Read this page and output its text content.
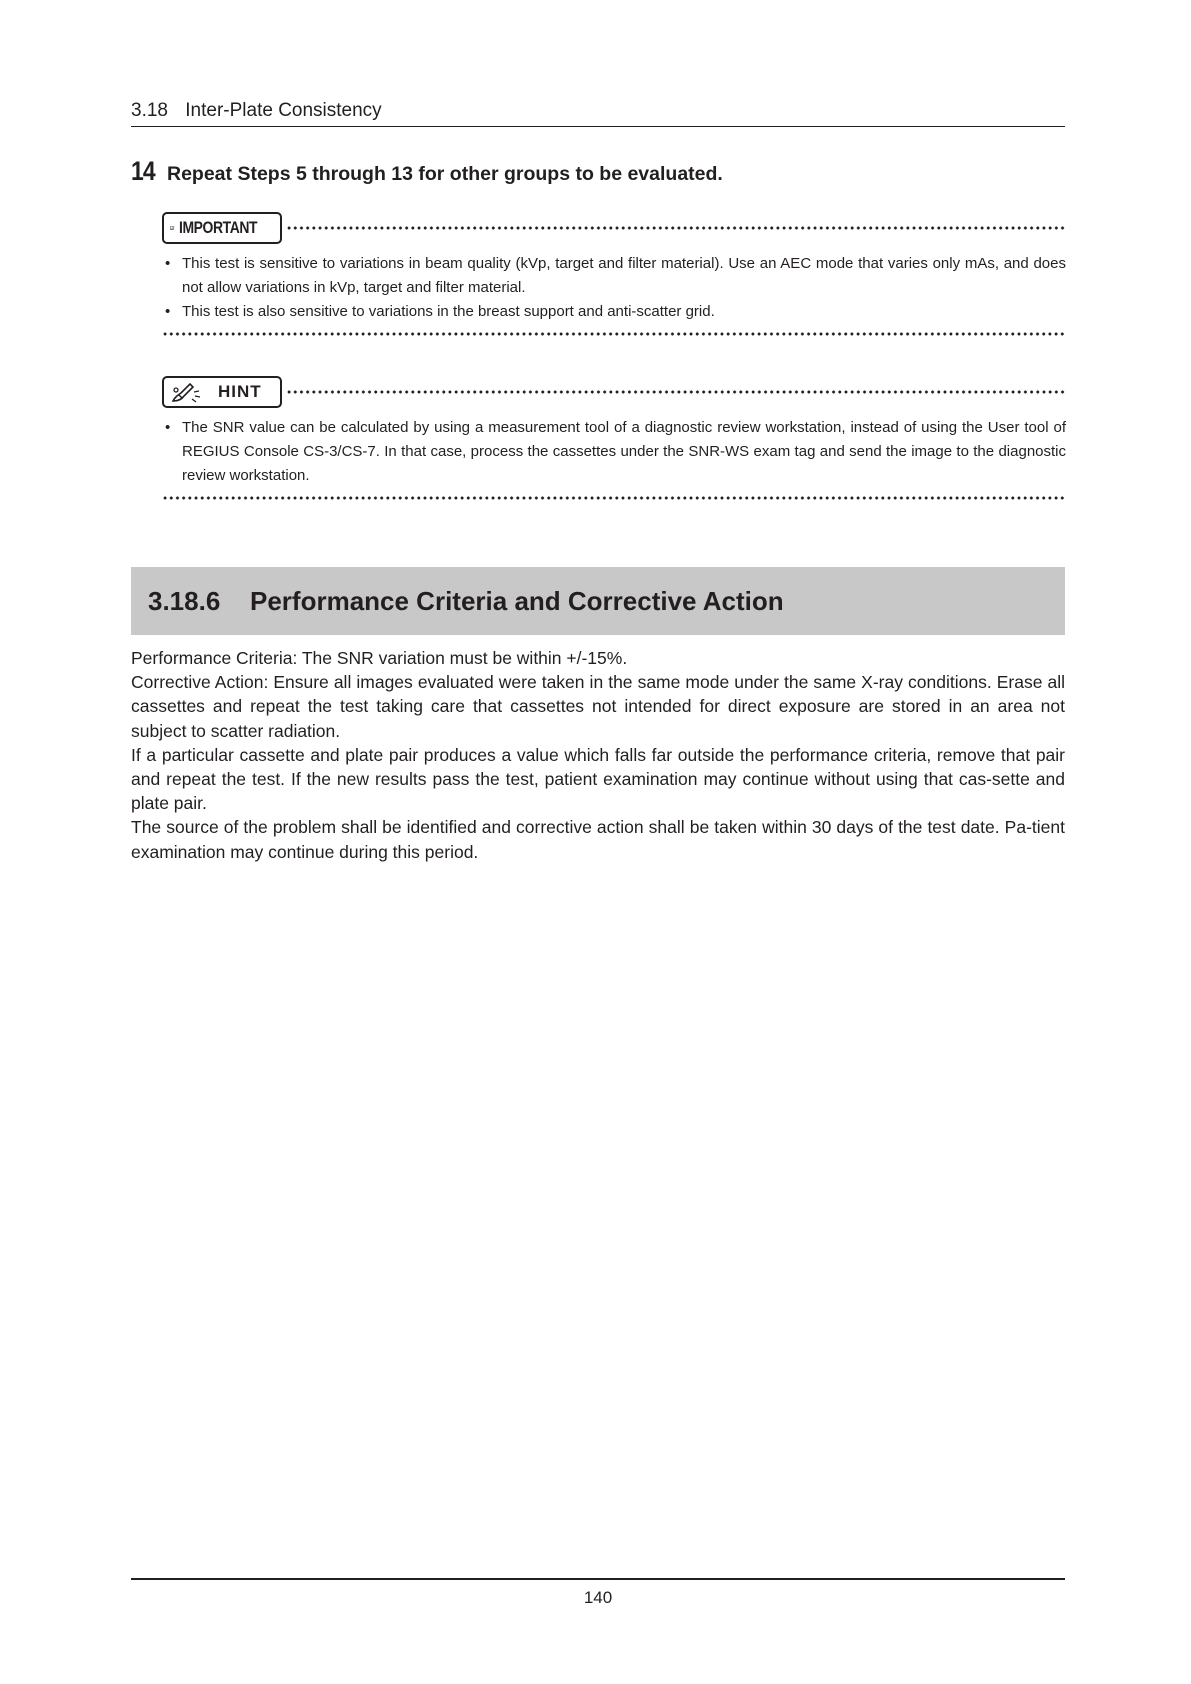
3.18 Inter-Plate Consistency
14 Repeat Steps 5 through 13 for other groups to be evaluated.
IMPORTANT
• This test is sensitive to variations in beam quality (kVp, target and filter material). Use an AEC mode that varies only mAs, and does not allow variations in kVp, target and filter material.
• This test is also sensitive to variations in the breast support and anti-scatter grid.
HINT
• The SNR value can be calculated by using a measurement tool of a diagnostic review workstation, instead of using the User tool of REGIUS Console CS-3/CS-7. In that case, process the cassettes under the SNR-WS exam tag and send the image to the diagnostic review workstation.
3.18.6	Performance Criteria and Corrective Action

Performance Criteria: The SNR variation must be within +/-15%.

Corrective Action: Ensure all images evaluated were taken in the same mode under the same X-ray conditions. Erase all cassettes and repeat the test taking care that cassettes not intended for direct exposure are stored in an area not subject to scatter radiation.

If a particular cassette and plate pair produces a value which falls far outside the performance criteria, remove that pair and repeat the test. If the new results pass the test, patient examination may continue without using that cas-sette and plate pair.

The source of the problem shall be identified and corrective action shall be taken within 30 days of the test date. Pa-tient examination may continue during this period.

140
